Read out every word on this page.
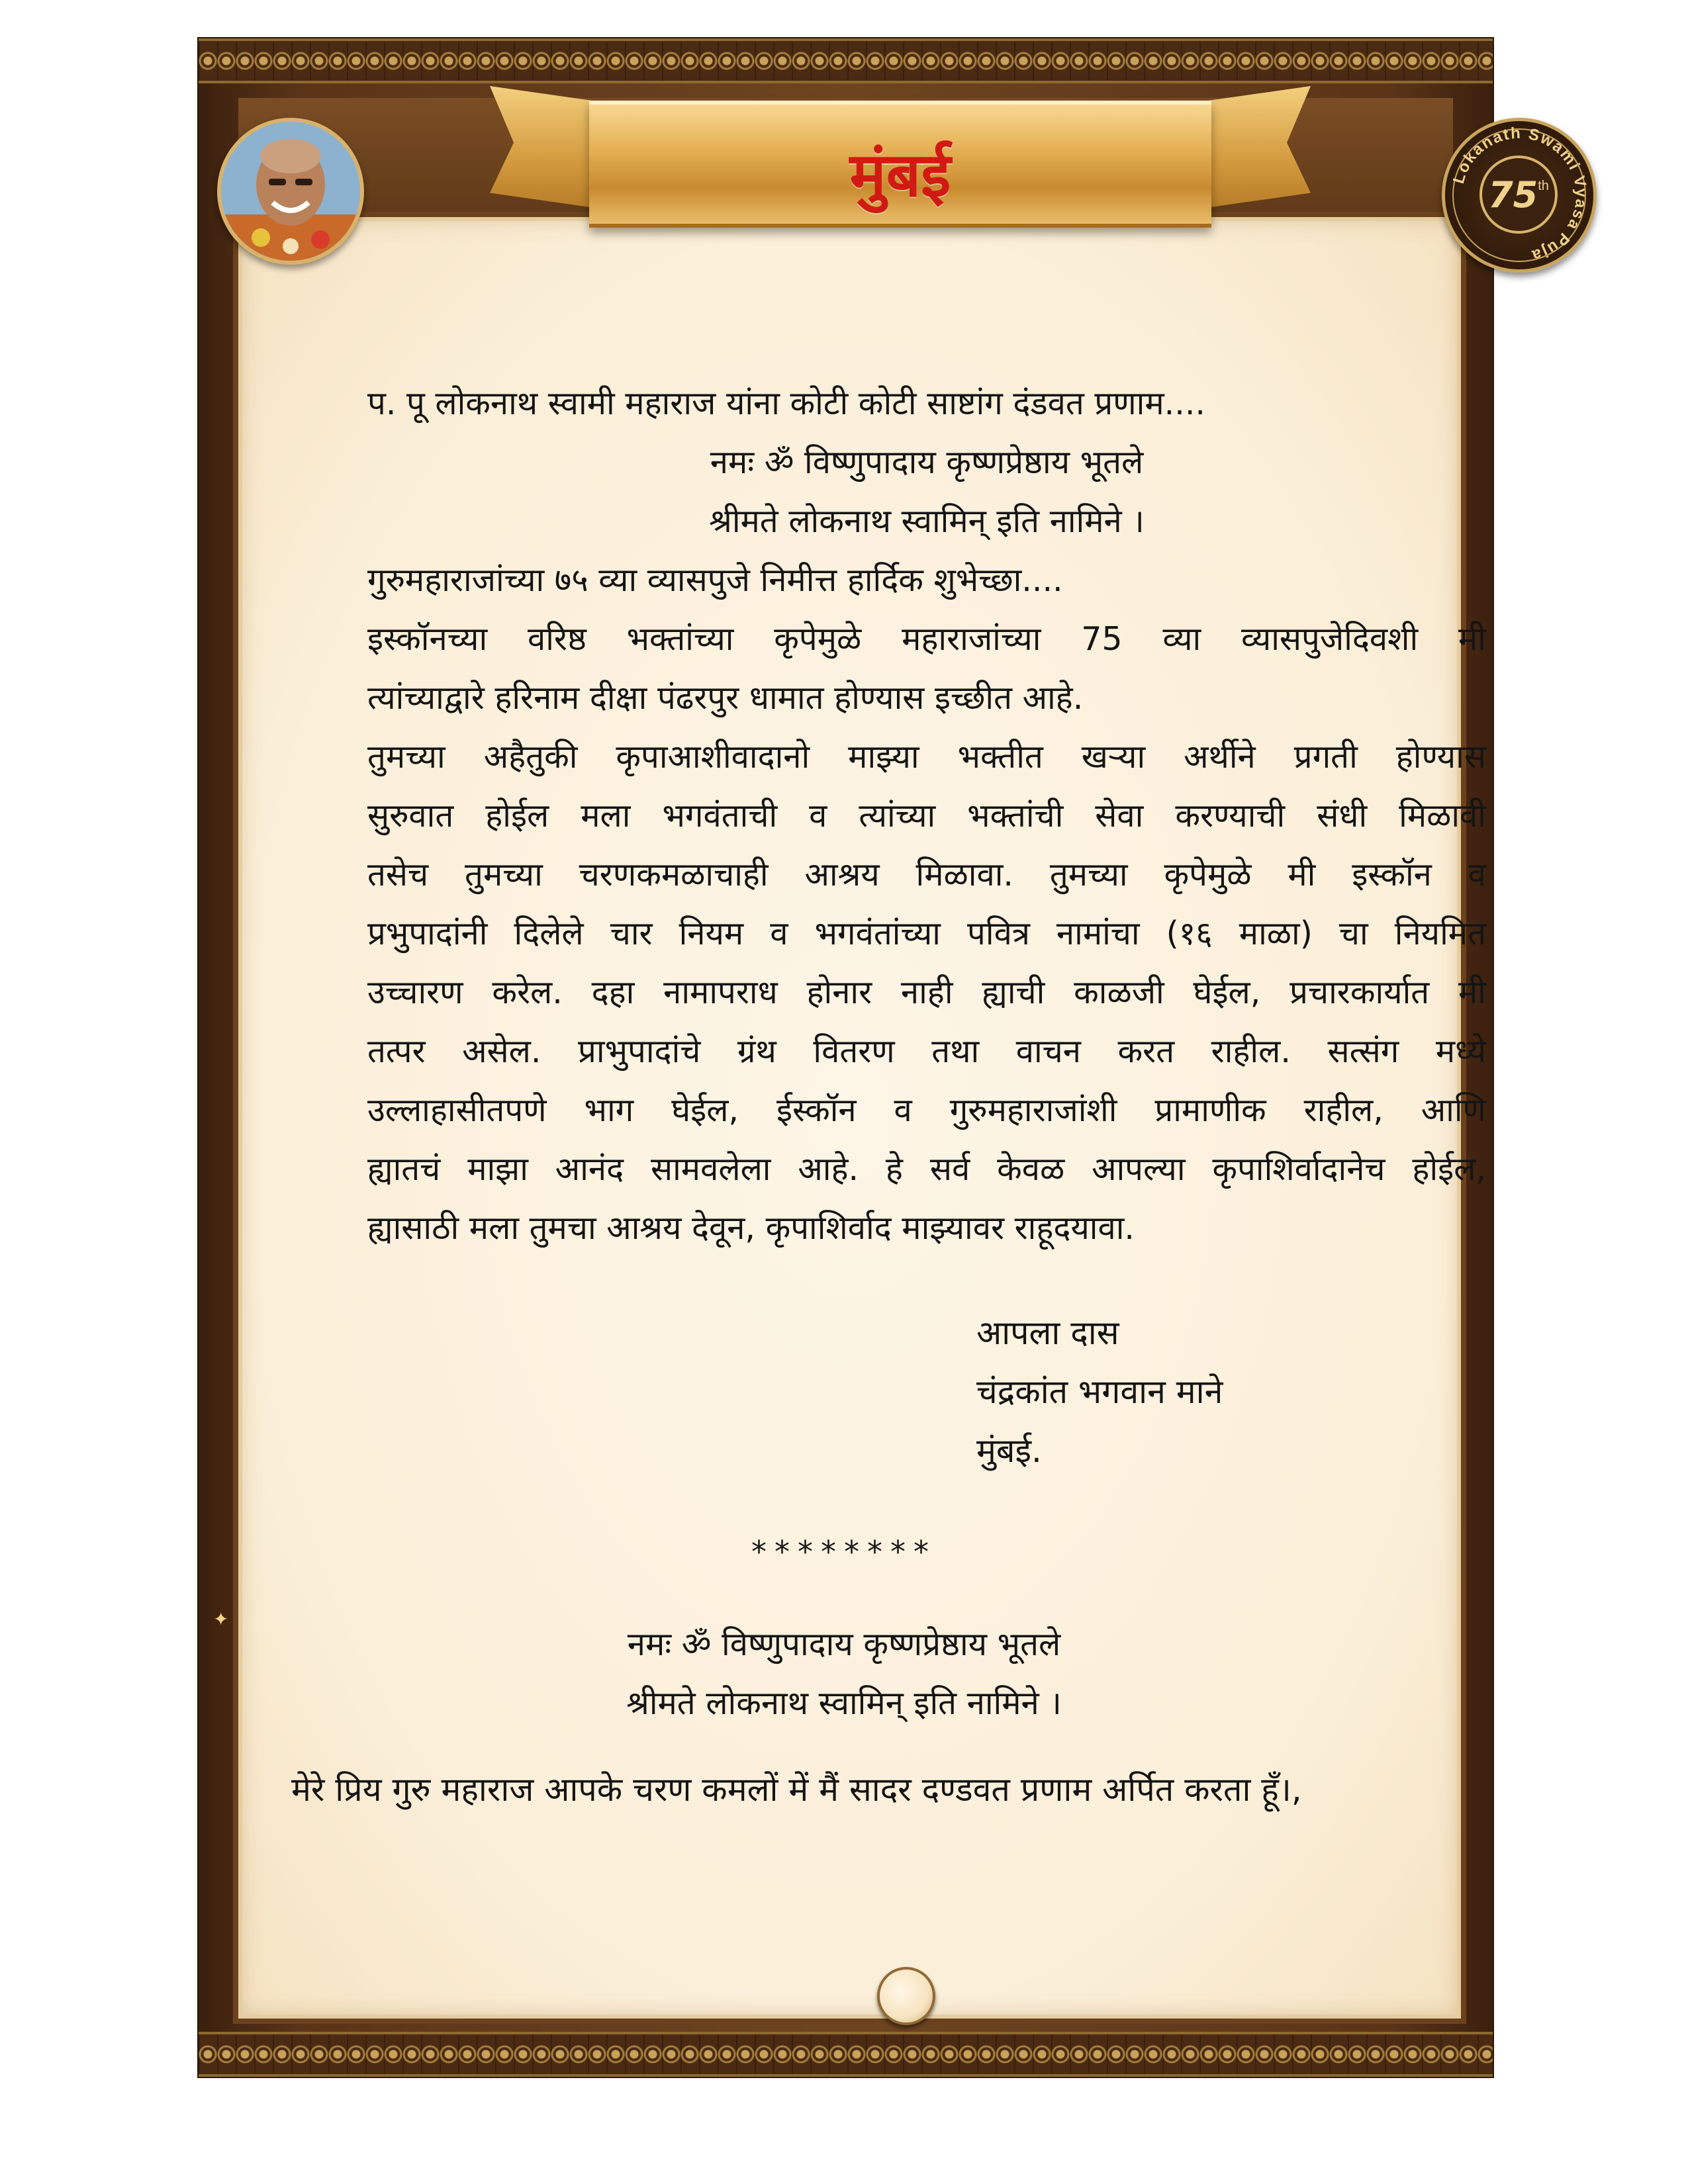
मुंबई	Lokanath Swami Vyasa Puja
75 th
प. पू लोकनाथ स्वामी महाराज यांना कोटी कोटी साष्टांग दंडवत प्रणाम....
नमः ॐ विष्णुपादाय कृष्णप्रेष्ठाय भूतले
श्रीमते लोकनाथ स्वामिन् इति नामिने ।
गुरुमहाराजांच्या ७५ व्या व्यासपुजे निमीत्त हार्दिक शुभेच्छा....
इस्कॉनच्या वरिष्ठ भक्तांच्या कृपेमुळे महाराजांच्या 75 व्या व्यासपुजेदिवशी मी
त्यांच्याद्वारे हरिनाम दीक्षा पंढरपुर धामात होण्यास इच्छीत आहे.
तुमच्या अहैतुकी कृपाआशीवादानो माझ्या भक्तीत खऱ्या अर्थीने प्रगती होण्यास
सुरुवात होईल मला भगवंताची व त्यांच्या भक्तांची सेवा करण्याची संधी मिळावी
तसेच तुमच्या चरणकमळाचाही आश्रय मिळावा. तुमच्या कृपेमुळे मी इस्कॉन व
प्रभुपादांनी दिलेले चार नियम व भगवंतांच्या पवित्र नामांचा (१६ माळा) चा नियमित
उच्चारण करेल. दहा नामापराध होनार नाही ह्याची काळजी घेईल, प्रचारकार्यात मी
तत्पर असेल. प्राभुपादांचे ग्रंथ वितरण तथा वाचन करत राहील. सत्संग मध्ये
उल्लाहासीतपणे भाग घेईल, ईस्कॉन व गुरुमहाराजांशी प्रामाणीक राहील, आणि
ह्यातचं माझा आनंद सामवलेला आहे. हे सर्व केवळ आपल्या कृपाशिर्वादानेच होईल,
ह्यासाठी मला तुमचा आश्रय देवून, कृपाशिर्वाद माझ्यावर राहूदयावा.
आपला दास
चंद्रकांत भगवान माने
मुंबई.
********
नमः ॐ विष्णुपादाय कृष्णप्रेष्ठाय भूतले
श्रीमते लोकनाथ स्वामिन् इति नामिने ।
मेरे प्रिय गुरु महाराज आपके चरण कमलों में मैं सादर दण्डवत प्रणाम अर्पित करता हूँ।,
✦
